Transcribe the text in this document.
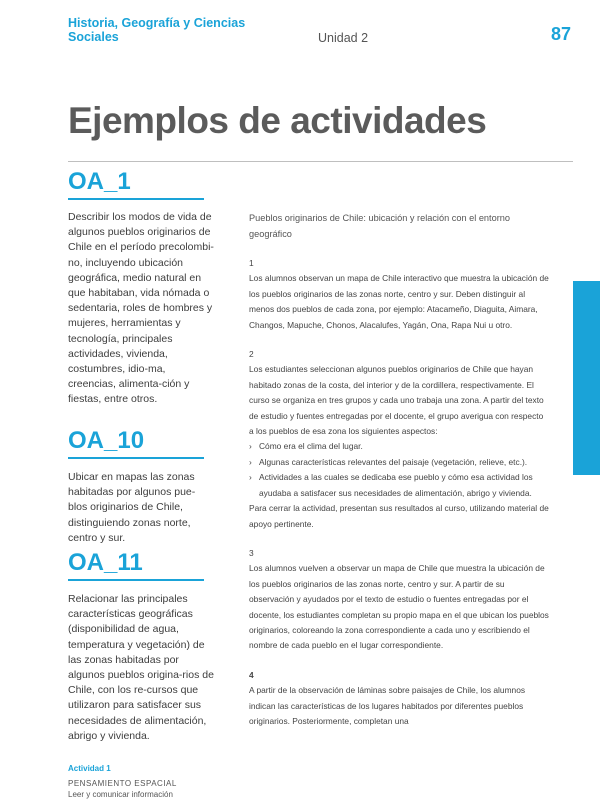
Historia, Geografía y Ciencias Sociales	Unidad 2	87
Ejemplos de actividades
OA_1
Describir los modos de vida de algunos pueblos originarios de Chile en el período precolombi-no, incluyendo ubicación geográfica, medio natural en que habitaban, vida nómada o sedentaria, roles de hombres y mujeres, herramientas y tecnología, principales actividades, vivienda, costumbres, idio-ma, creencias, alimenta-ción y fiestas, entre otros.
OA_10
Ubicar en mapas las zonas habitadas por algunos pue-blos originarios de Chile, distinguiendo zonas norte, centro y sur.
OA_11
Relacionar las principales características geográficas (disponibilidad de agua, temperatura y vegetación) de las zonas habitadas por algunos pueblos origina-rios de Chile, con los re-cursos que utilizaron para satisfacer sus necesidades de alimentación, abrigo y vivienda.
Actividad 1
PENSAMIENTO ESPACIAL
Leer y comunicar información

Pueblos originarios de Chile: ubicación y relación con el entorno geográfico

1

Los alumnos observan un mapa de Chile interactivo que muestra la ubicación de los pueblos originarios de las zonas norte, centro y sur. Deben distinguir al menos dos pueblos de cada zona, por ejemplo: Atacameño, Diaguita, Aimara, Changos, Mapuche, Chonos, Alacalufes, Yagán, Ona, Rapa Nui u otro.

2

Los estudiantes seleccionan algunos pueblos originarios de Chile que hayan habitado zonas de la costa, del interior y de la cordillera, respectivamente. El curso se organiza en tres grupos y cada uno trabaja una zona. A partir del texto de estudio y fuentes entregadas por el docente, el grupo averigua con respecto a los pueblos de esa zona los siguientes aspectos:

› Cómo era el clima del lugar.
› Algunas características relevantes del paisaje (vegetación, relieve, etc.).
› Actividades a las cuales se dedicaba ese pueblo y cómo esa actividad los ayudaba a satisfacer sus necesidades de alimentación, abrigo y vivienda.

Para cerrar la actividad, presentan sus resultados al curso, utilizando material de apoyo pertinente.

3

Los alumnos vuelven a observar un mapa de Chile que muestra la ubicación de los pueblos originarios de las zonas norte, centro y sur. A partir de su observación y ayudados por el texto de estudio o fuentes entregadas por el docente, los estudiantes completan su propio mapa en el que ubican los pueblos originarios, coloreando la zona correspondiente a cada uno y escribiendo el nombre de cada pueblo en el lugar correspondiente.

4

A partir de la observación de láminas sobre paisajes de Chile, los alumnos indican las características de los lugares habitados por diferentes pueblos originarios. Posteriormente, completan una
